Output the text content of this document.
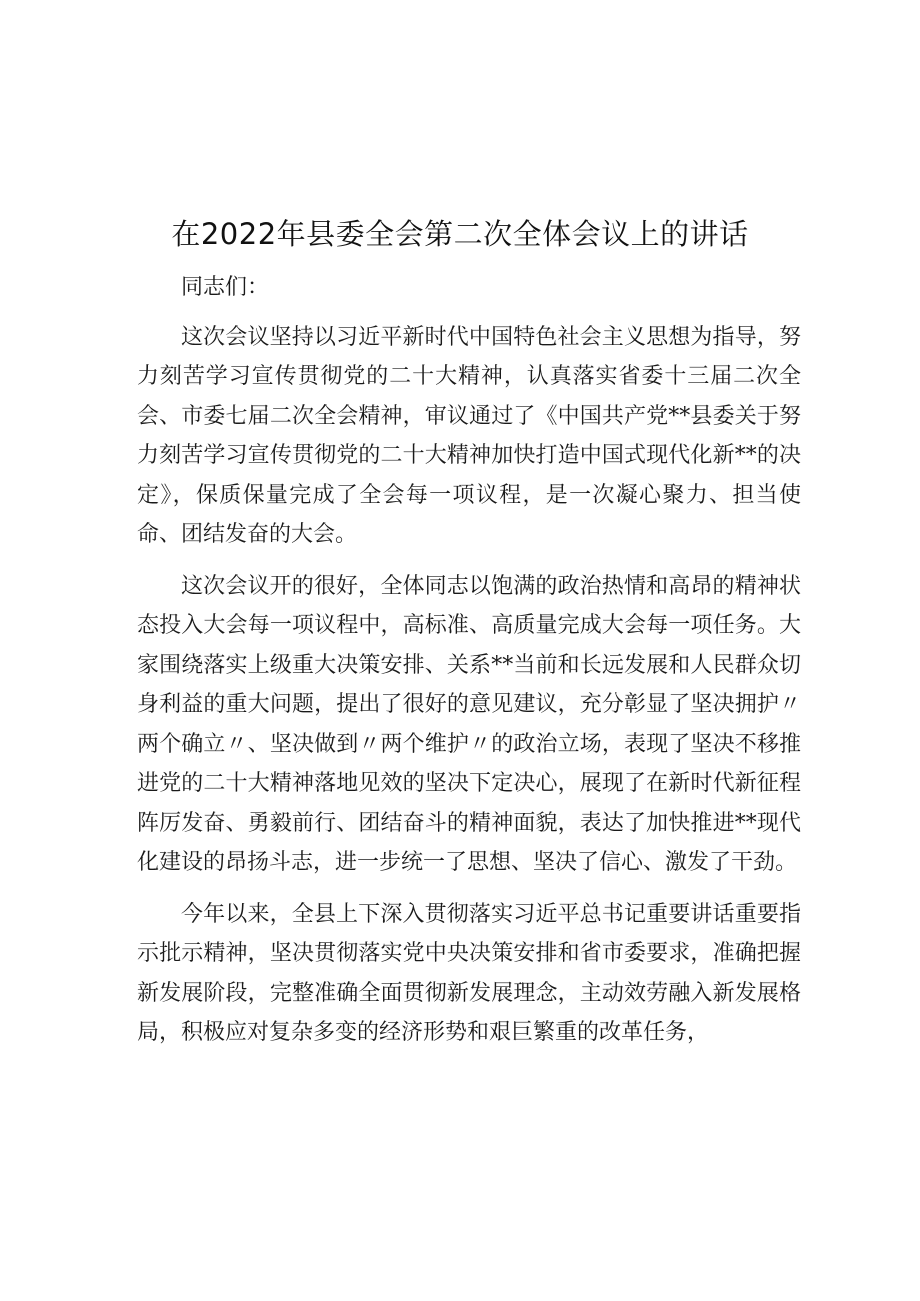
在2022年县委全会第二次全体会议上的讲话

同志们：

这次会议坚持以习近平新时代中国特色社会主义思想为指导，努力刻苦学习宣传贯彻党的二十大精神，认真落实省委十三届二次全会、市委七届二次全会精神，审议通过了《中国共产党**县委关于努力刻苦学习宣传贯彻党的二十大精神加快打造中国式现代化新**的决定》，保质保量完成了全会每一项议程，是一次凝心聚力、担当使命、团结发奋的大会。

这次会议开的很好，全体同志以饱满的政治热情和高昂的精神状态投入大会每一项议程中，高标准、高质量完成大会每一项任务。大家围绕落实上级重大决策安排、关系**当前和长远发展和人民群众切身利益的重大问题，提出了很好的意见建议，充分彰显了坚决拥护〃两个确立〃、坚决做到〃两个维护〃的政治立场，表现了坚决不移推进党的二十大精神落地见效的坚决下定决心，展现了在新时代新征程阵厉发奋、勇毅前行、团结奋斗的精神面貌，表达了加快推进**现代化建设的昂扬斗志，进一步统一了思想、坚决了信心、激发了干劲。

今年以来，全县上下深入贯彻落实习近平总书记重要讲话重要指示批示精神，坚决贯彻落实党中央决策安排和省市委要求，准确把握新发展阶段，完整准确全面贯彻新发展理念，主动效劳融入新发展格局，积极应对复杂多变的经济形势和艰巨繁重的改革任务，
